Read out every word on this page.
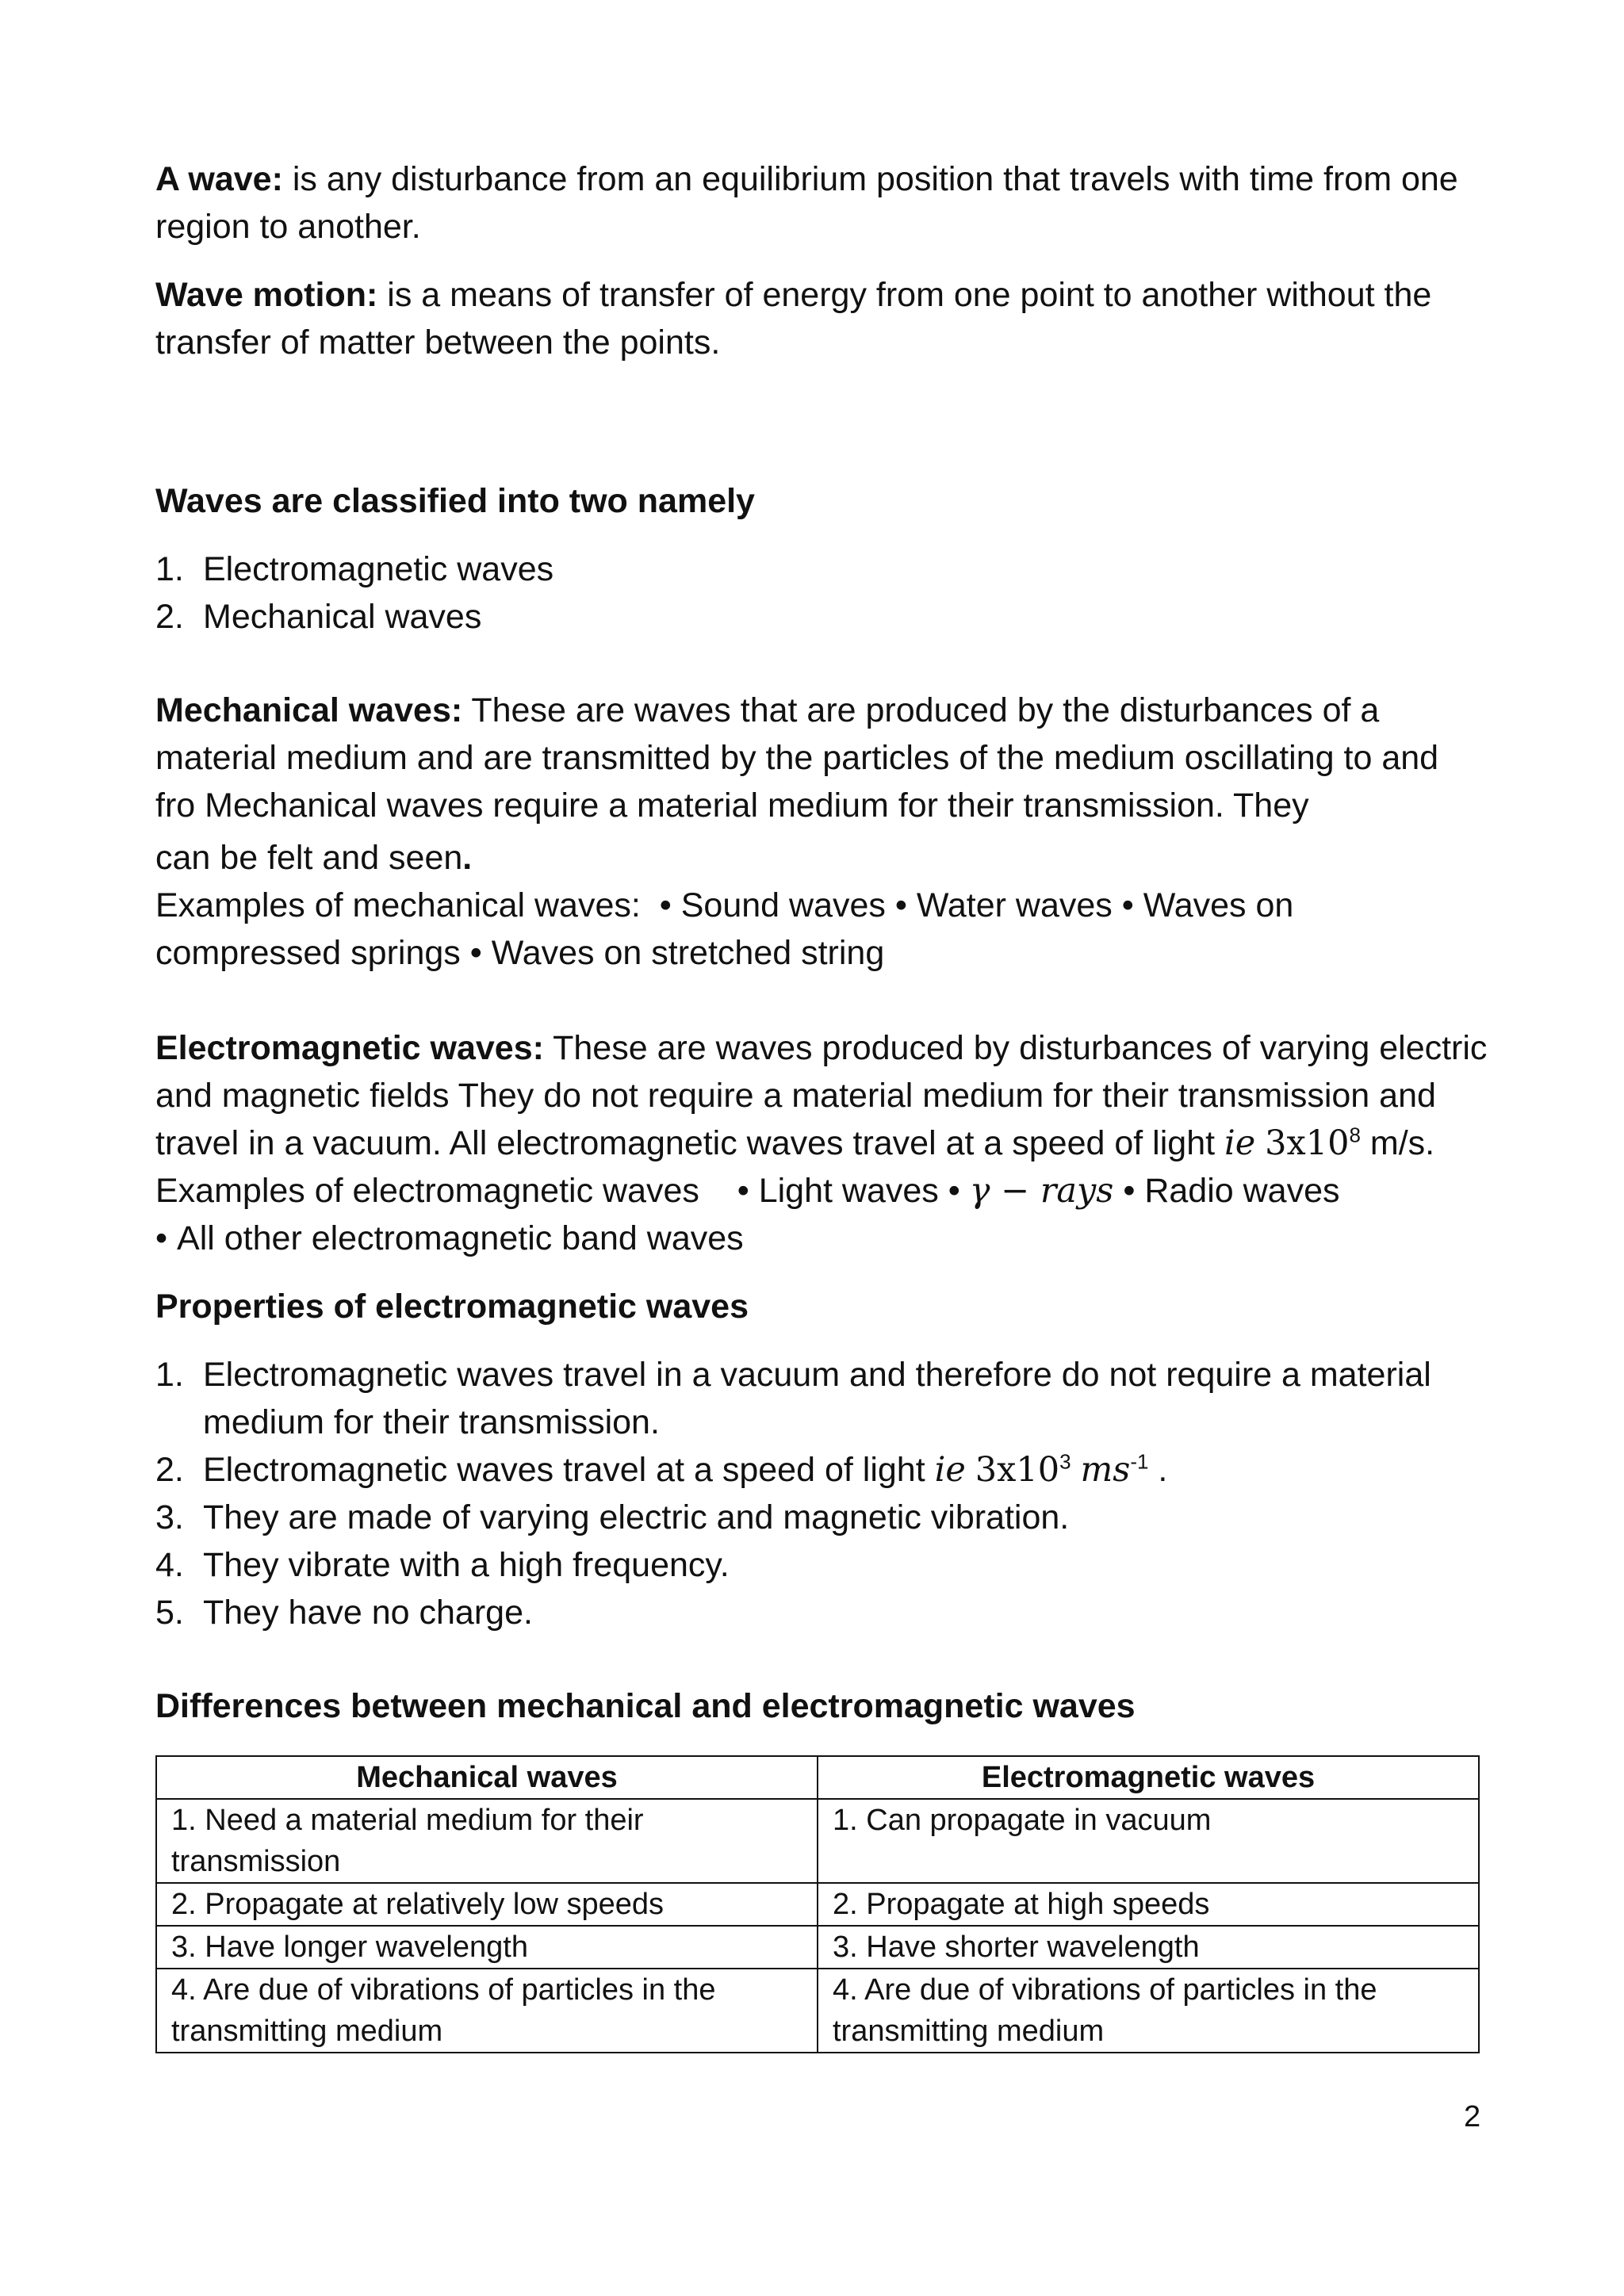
A wave: is any disturbance from an equilibrium position that travels with time from one region to another.

Wave motion: is a means of transfer of energy from one point to another without the transfer of matter between the points.

Waves are classified into two namely

1. Electromagnetic waves
2. Mechanical waves

Mechanical waves: These are waves that are produced by the disturbances of a material medium and are transmitted by the particles of the medium oscillating to and fro Mechanical waves require a material medium for their transmission. They

can be felt and seen.

Examples of mechanical waves:  • Sound waves • Water waves • Waves on compressed springs • Waves on stretched string

Electromagnetic waves: These are waves produced by disturbances of varying electric and magnetic fields They do not require a material medium for their transmission and travel in a vacuum. All electromagnetic waves travel at a speed of light ie $3x10^8$ m/s.

Examples of electromagnetic waves    • Light waves • γ − rays • Radio waves
• All other electromagnetic band waves

Properties of electromagnetic waves

1. Electromagnetic waves travel in a vacuum and therefore do not require a material medium for their transmission.
2. Electromagnetic waves travel at a speed of light ie $3x10^3$ $ms^{-1}$ .
3. They are made of varying electric and magnetic vibration.
4. They vibrate with a high frequency.
5. They have no charge.

Differences between mechanical and electromagnetic waves

Mechanical waves	Electromagnetic waves
1. Need a material medium for their transmission	1. Can propagate in vacuum
2. Propagate at relatively low speeds	2. Propagate at high speeds
3. Have longer wavelength	3. Have shorter wavelength
4. Are due of vibrations of particles in the transmitting medium	4. Are due of vibrations of particles in the transmitting medium
2
